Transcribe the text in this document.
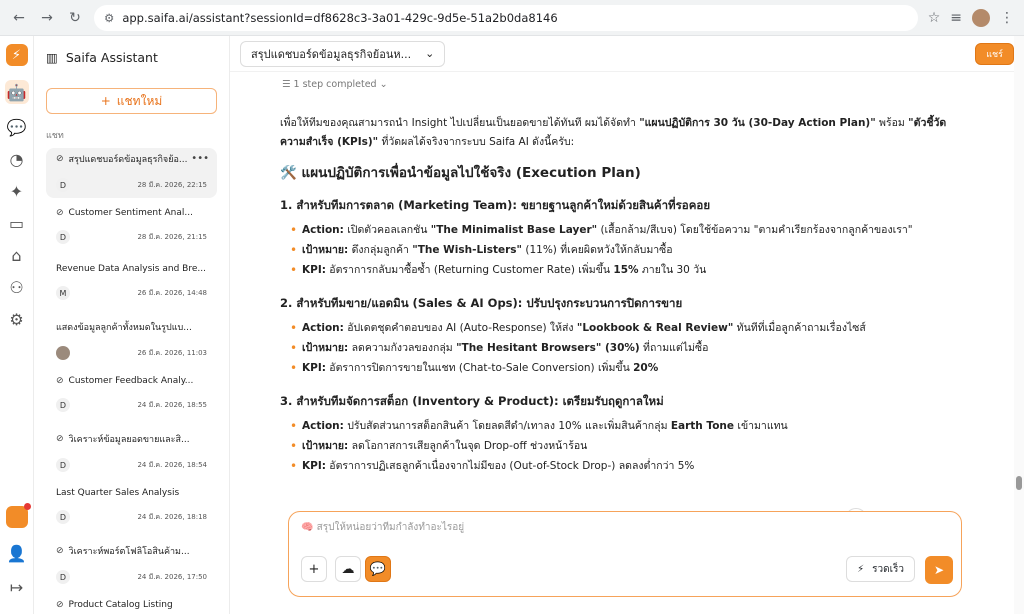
← → ↻ ⚙ app.saifa.ai/assistant?sessionId=df8628c3-3a01-429c-9d5e-51a2b0da8146	☆ ≡	⋮
⚡
🤖
💬
◔
✦
▭
⌂
⚇
⚙
👤
↦
▥ Saifa Assistant
+ แชทใหม่
แชท
⊘ สรุปแดชบอร์ดข้อมูลธุรกิจย้อ... •••
D	28 มี.ค. 2026, 22:15
⊘ Customer Sentiment Anal...
D	28 มี.ค. 2026, 21:15
Revenue Data Analysis and Bre...
M	26 มี.ค. 2026, 14:48
แสดงข้อมูลลูกค้าทั้งหมดในรูปแบ...
26 มี.ค. 2026, 11:03
⊘ Customer Feedback Analy...
D	24 มี.ค. 2026, 18:55
⊘ วิเคราะห์ข้อมูลยอดขายและสิ...
D	24 มี.ค. 2026, 18:54
Last Quarter Sales Analysis
D	24 มี.ค. 2026, 18:18
⊘ วิเคราะห์พอร์ตโฟลิโอสินค้าม...
D	24 มี.ค. 2026, 17:50
⊘ Product Catalog Listing
สรุปแดชบอร์ดข้อมูลธุรกิจย้อนห... ⌄	แชร์
☰ 1 step completed ⌄

เพื่อให้ทีมของคุณสามารถนำ Insight ไปเปลี่ยนเป็นยอดขายได้ทันที ผมได้จัดทำ "แผนปฏิบัติการ 30 วัน (30-Day Action Plan)" พร้อม "ตัวชี้วัดความสำเร็จ (KPIs)" ที่วัดผลได้จริงจากระบบ Saifa AI ดังนี้ครับ:

🛠️ แผนปฏิบัติการเพื่อนำข้อมูลไปใช้จริง (Execution Plan)
1. สำหรับทีมการตลาด (Marketing Team): ขยายฐานลูกค้าใหม่ด้วยสินค้าที่รอคอย
• Action: เปิดตัวคอลเลกชัน "The Minimalist Base Layer" (เสื้อกล้าม/สีเบจ) โดยใช้ข้อความ "ตามคำเรียกร้องจากลูกค้าของเรา"
• เป้าหมาย: ดึงกลุ่มลูกค้า "The Wish-Listers" (11%) ที่เคยผิดหวังให้กลับมาซื้อ
• KPI: อัตราการกลับมาซื้อซ้ำ (Returning Customer Rate) เพิ่มขึ้น 15% ภายใน 30 วัน
2. สำหรับทีมขาย/แอดมิน (Sales & AI Ops): ปรับปรุงกระบวนการปิดการขาย
• Action: อัปเดตชุดคำตอบของ AI (Auto-Response) ให้ส่ง "Lookbook & Real Review" ทันทีที่เมื่อลูกค้าถามเรื่องไซส์
• เป้าหมาย: ลดความกังวลของกลุ่ม "The Hesitant Browsers" (30%) ที่ถามแต่ไม่ซื้อ
• KPI: อัตราการปิดการขายในแชท (Chat-to-Sale Conversion) เพิ่มขึ้น 20%
3. สำหรับทีมจัดการสต็อก (Inventory & Product): เตรียมรับฤดูกาลใหม่
• Action: ปรับสัดส่วนการสต็อกสินค้า โดยลดสีดำ/เทาลง 10% และเพิ่มสินค้ากลุ่ม Earth Tone เข้ามาแทน
• เป้าหมาย: ลดโอกาสการเสียลูกค้าในจุด Drop-off ช่วงหน้าร้อน
• KPI: อัตราการปฏิเสธลูกค้าเนื่องจากไม่มีของ (Out-of-Stock Drop-) ลดลงต่ำกว่า 5%
🧠 สรุปให้หน่อยว่าทีมกำลังทำอะไรอยู่
+	☁	💬	⚡ รวดเร็ว	➤
